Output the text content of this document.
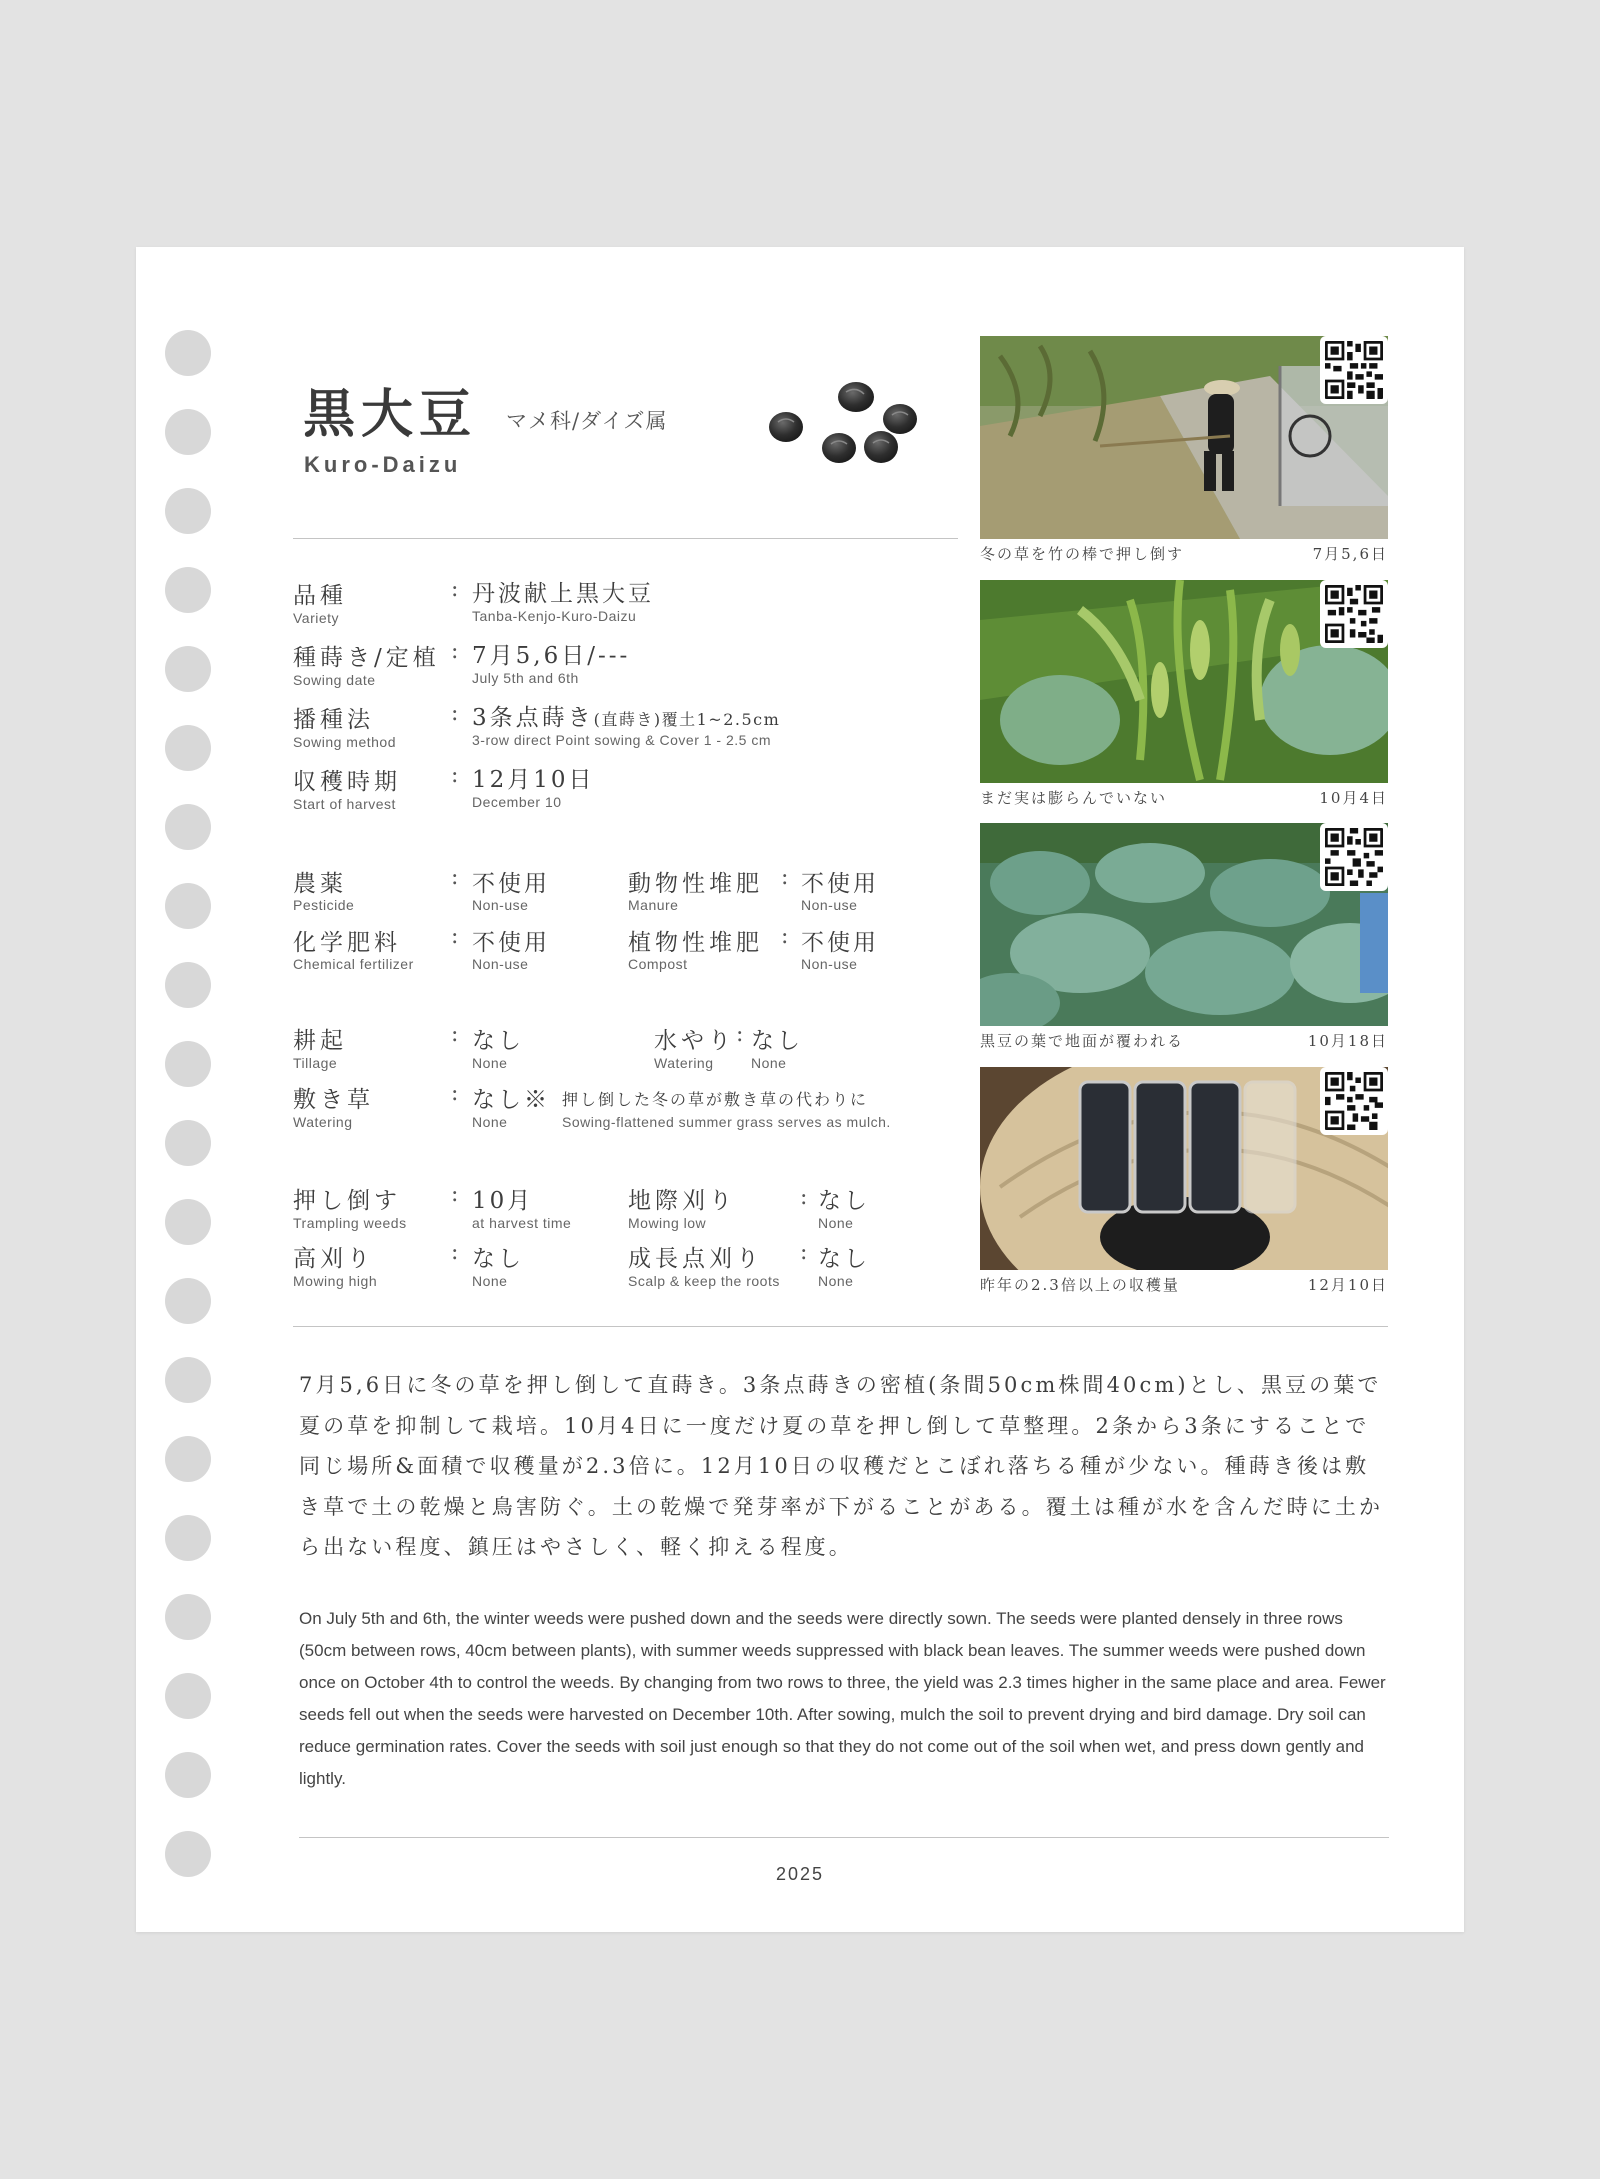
黒大豆 マメ科/ダイズ属
Kuro-Daizu
品種
Variety
: 丹波献上黒大豆
Tanba-Kenjo-Kuro-Daizu
種蒔き/定植
Sowing date
: 7月5,6日/---
July 5th and 6th
播種法
Sowing method
: 3条点蒔き(直蒔き)覆土1~2.5cm
3-row direct Point sowing & Cover 1 - 2.5 cm
収穫時期
Start of harvest
: 12月10日
December 10
農薬
Pesticide
: 不使用
Non-use
動物性堆肥
Manure
: 不使用
Non-use
化学肥料
Chemical fertilizer
: 不使用
Non-use
植物性堆肥
Compost
: 不使用
Non-use
耕起
Tillage
: なし
None
水やり
Watering
: なし
None
敷き草
Watering
: なし※
None
押し倒した冬の草が敷き草の代わりに
Sowing-flattened summer grass serves as mulch.
押し倒す
Trampling weeds
: 10月
at harvest time
地際刈り
Mowing low
: なし
None
高刈り
Mowing high
: なし
None
成長点刈り
Scalp & keep the roots
: なし
None
冬の草を竹の棒で押し倒す	7月5,6日
まだ実は膨らんでいない	10月4日
黒豆の葉で地面が覆われる	10月18日
昨年の2.3倍以上の収穫量	12月10日
7月5,6日に冬の草を押し倒して直蒔き。3条点蒔きの密植(条間50cm株間40cm)とし、黒豆の葉で夏の草を抑制して栽培。10月4日に一度だけ夏の草を押し倒して草整理。2条から3条にすることで同じ場所&面積で収穫量が2.3倍に。12月10日の収穫だとこぼれ落ちる種が少ない。種蒔き後は敷き草で土の乾燥と鳥害防ぐ。土の乾燥で発芽率が下がることがある。覆土は種が水を含んだ時に土から出ない程度、鎮圧はやさしく、軽く抑える程度。
On July 5th and 6th, the winter weeds were pushed down and the seeds were directly sown. The seeds were planted densely in three rows (50cm between rows, 40cm between plants), with summer weeds suppressed with black bean leaves. The summer weeds were pushed down once on October 4th to control the weeds. By changing from two rows to three, the yield was 2.3 times higher in the same place and area. Fewer seeds fell out when the seeds were harvested on December 10th. After sowing, mulch the soil to prevent drying and bird damage. Dry soil can reduce germination rates. Cover the seeds with soil just enough so that they do not come out of the soil when wet, and press down gently and lightly.
2025
